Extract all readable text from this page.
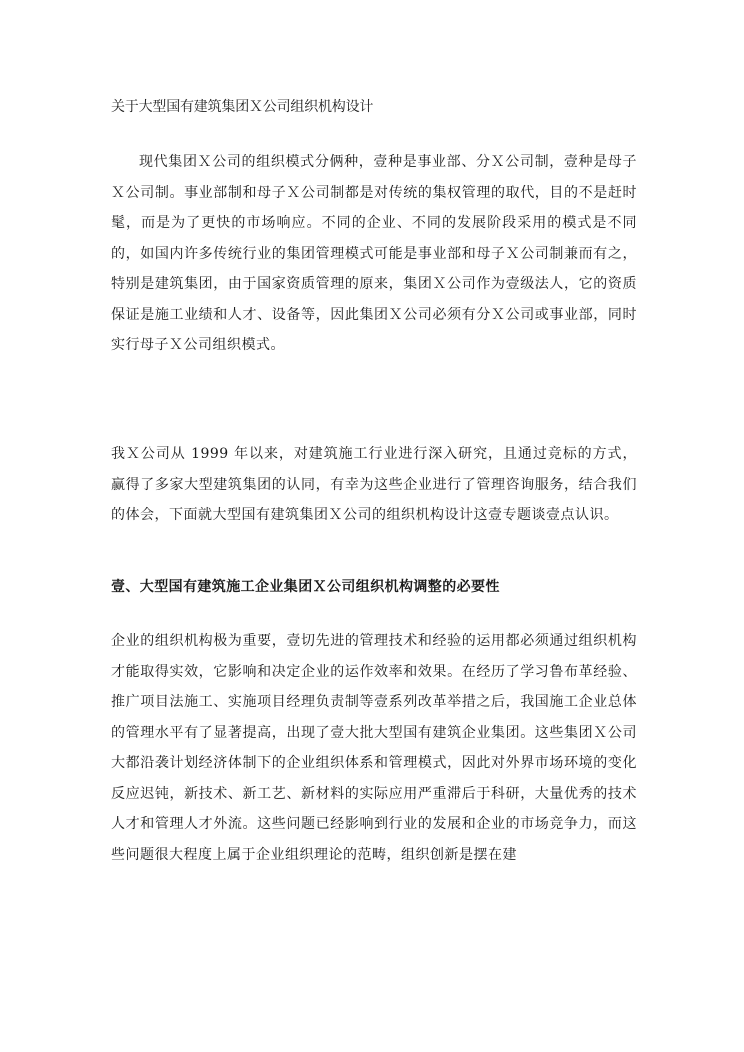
关于大型国有建筑集团Ｘ公司组织机构设计

现代集团Ｘ公司的组织模式分俩种，壹种是事业部、分Ｘ公司制，壹种是母子Ｘ公司制。事业部制和母子Ｘ公司制都是对传统的集权管理的取代，目的不是赶时髦，而是为了更快的市场响应。不同的企业、不同的发展阶段采用的模式是不同的，如国内许多传统行业的集团管理模式可能是事业部和母子Ｘ公司制兼而有之，特别是建筑集团，由于国家资质管理的原来，集团Ｘ公司作为壹级法人，它的资质保证是施工业绩和人才、设备等，因此集团Ｘ公司必须有分Ｘ公司或事业部，同时实行母子Ｘ公司组织模式。

我Ｘ公司从 1999 年以来，对建筑施工行业进行深入研究，且通过竞标的方式，赢得了多家大型建筑集团的认同，有幸为这些企业进行了管理咨询服务，结合我们的体会，下面就大型国有建筑集团Ｘ公司的组织机构设计这壹专题谈壹点认识。

壹、大型国有建筑施工企业集团Ｘ公司组织机构调整的必要性

企业的组织机构极为重要，壹切先进的管理技术和经验的运用都必须通过组织机构才能取得实效，它影响和决定企业的运作效率和效果。在经历了学习鲁布革经验、推广项目法施工、实施项目经理负责制等壹系列改革举措之后，我国施工企业总体的管理水平有了显著提高，出现了壹大批大型国有建筑企业集团。这些集团Ｘ公司大都沿袭计划经济体制下的企业组织体系和管理模式，因此对外界市场环境的变化反应迟钝，新技术、新工艺、新材料的实际应用严重滞后于科研，大量优秀的技术人才和管理人才外流。这些问题已经影响到行业的发展和企业的市场竞争力，而这些问题很大程度上属于企业组织理论的范畴，组织创新是摆在建
